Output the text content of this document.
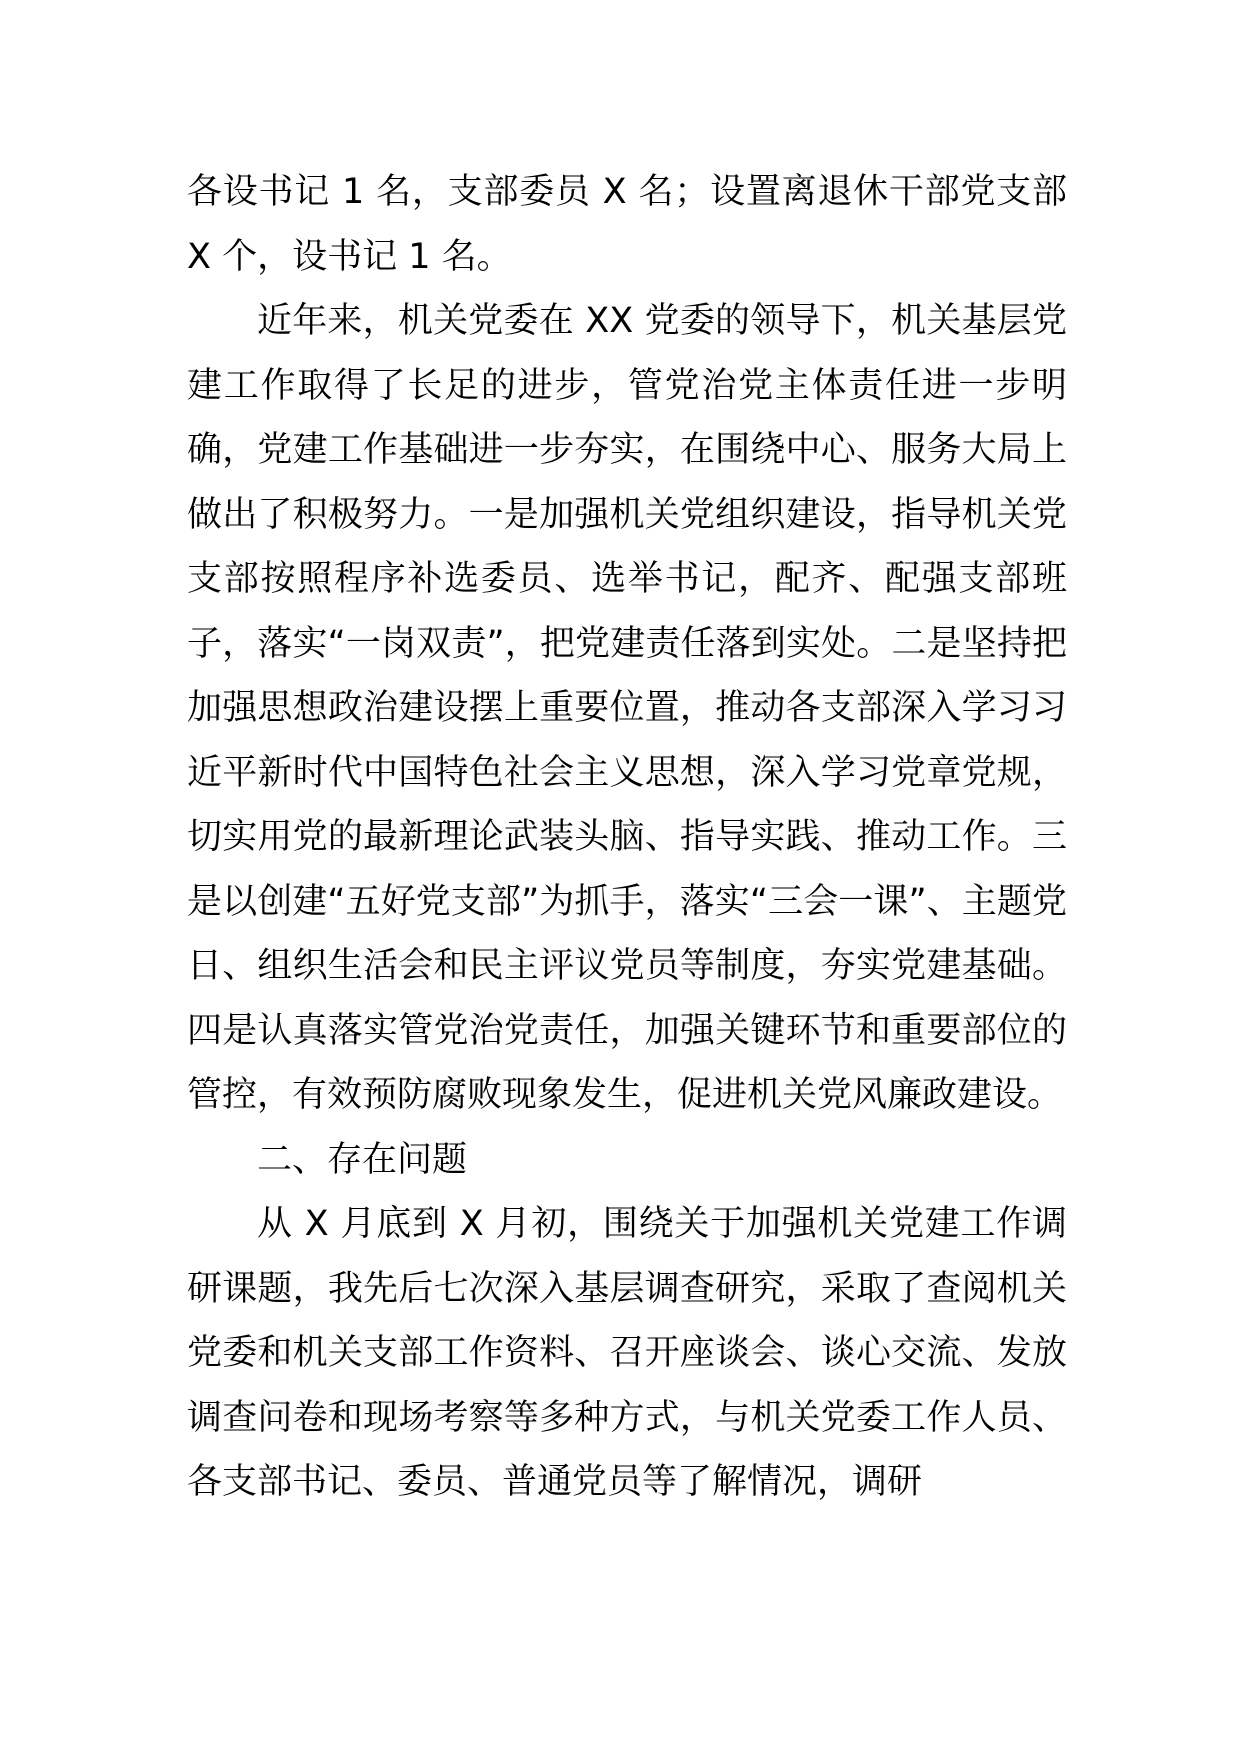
各设书记 1 名，支部委员 X 名；设置离退休干部党支部 X 个，设书记 1 名。

近年来，机关党委在 XX 党委的领导下，机关基层党建工作取得了长足的进步，管党治党主体责任进一步明确，党建工作基础进一步夯实，在围绕中心、服务大局上做出了积极努力。一是加强机关党组织建设，指导机关党支部按照程序补选委员、选举书记，配齐、配强支部班子，落实“一岗双责”，把党建责任落到实处。二是坚持把加强思想政治建设摆上重要位置，推动各支部深入学习习近平新时代中国特色社会主义思想，深入学习党章党规，切实用党的最新理论武装头脑、指导实践、推动工作。三是以创建“五好党支部”为抓手，落实“三会一课”、主题党日、组织生活会和民主评议党员等制度，夯实党建基础。四是认真落实管党治党责任，加强关键环节和重要部位的管控，有效预防腐败现象发生，促进机关党风廉政建设。

二、存在问题

从 X 月底到 X 月初，围绕关于加强机关党建工作调研课题，我先后七次深入基层调查研究，采取了查阅机关党委和机关支部工作资料、召开座谈会、谈心交流、发放调查问卷和现场考察等多种方式，与机关党委工作人员、各支部书记、委员、普通党员等了解情况，调研
